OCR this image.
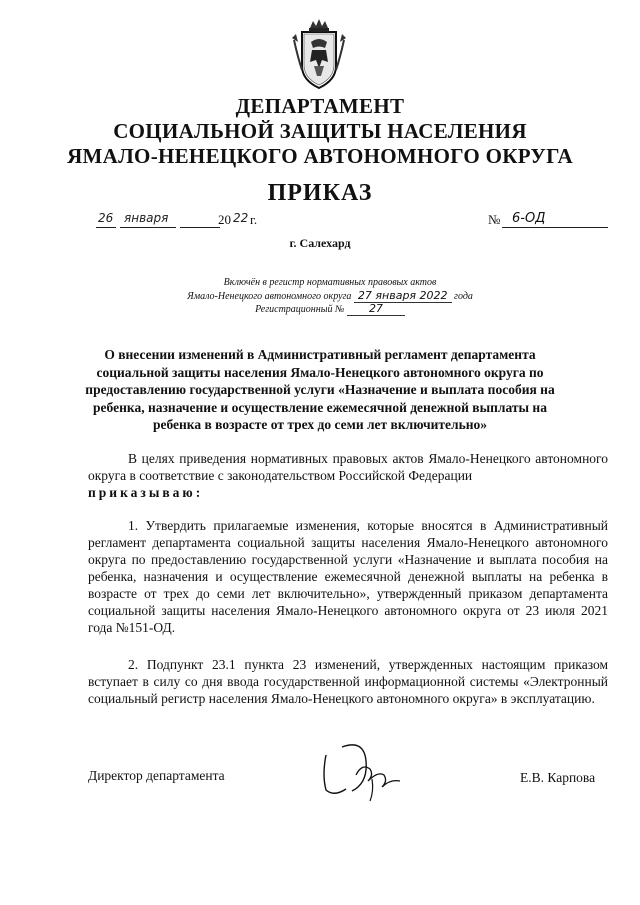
ДЕПАРТАМЕНТ
СОЦИАЛЬНОЙ ЗАЩИТЫ НАСЕЛЕНИЯ
ЯМАЛО-НЕНЕЦКОГО АВТОНОМНОГО ОКРУГА
ПРИКАЗ
26 января	20 22 г.	№ 6-ОД
г. Салехард
Включён в регистр нормативных правовых актов
Ямало-Ненецкого автономного округа 27 января 2022 года
Регистрационный № 27
О внесении изменений в Административный регламент департамента социальной защиты населения Ямало-Ненецкого автономного округа по предоставлению государственной услуги «Назначение и выплата пособия на ребенка, назначение и осуществление ежемесячной денежной выплаты на ребенка в возрасте от трех до семи лет включительно»
В целях приведения нормативных правовых актов Ямало-Ненецкого автономного округа в соответствие с законодательством Российской Федерации
приказываю:
1. Утвердить прилагаемые изменения, которые вносятся в Административный регламент департамента социальной защиты населения Ямало-Ненецкого автономного округа по предоставлению государственной услуги «Назначение и выплата пособия на ребенка, назначения и осуществление ежемесячной денежной выплаты на ребенка в возрасте от трех до семи лет включительно», утвержденный приказом департамента социальной защиты населения Ямало-Ненецкого автономного округа от 23 июля 2021 года №151-ОД.
2. Подпункт 23.1 пункта 23 изменений, утвержденных настоящим приказом вступает в силу со дня ввода государственной информационной системы «Электронный социальный регистр населения Ямало-Ненецкого автономного округа» в эксплуатацию.
Директор департамента	Е.В. Карпова
